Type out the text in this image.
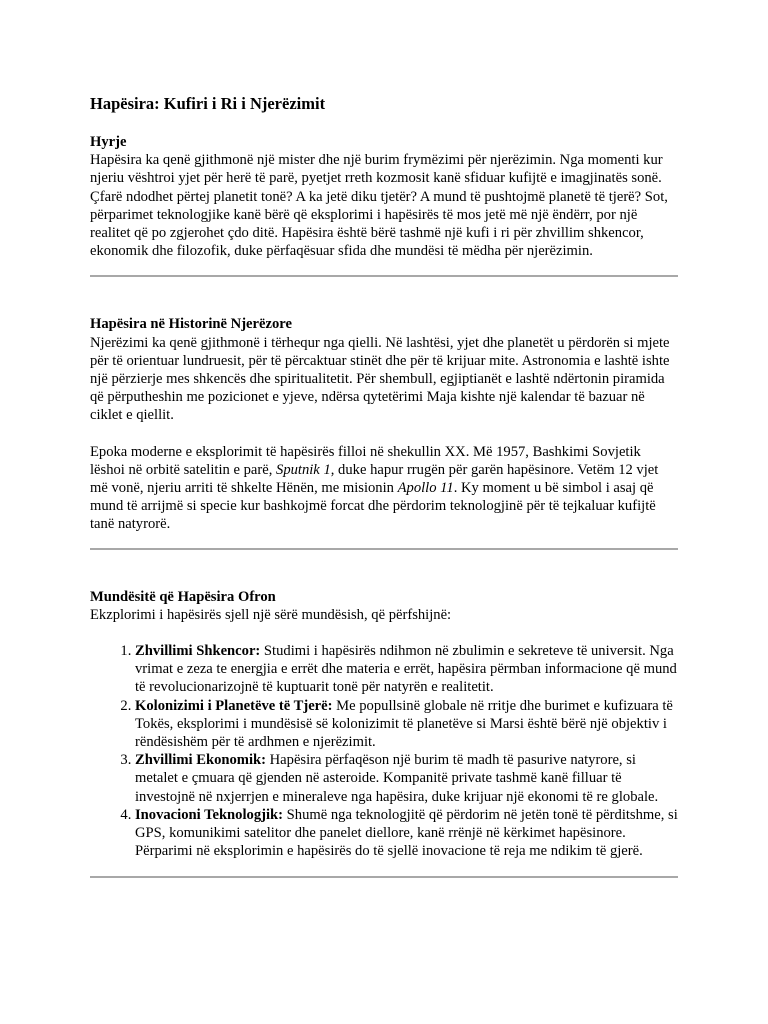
Hapësira: Kufiri i Ri i Njerëzimit
Hyrje

Hapësira ka qenë gjithmonë një mister dhe një burim frymëzimi për njerëzimin. Nga momenti kur njeriu vështroi yjet për herë të parë, pyetjet rreth kozmosit kanë sfiduar kufijtë e imagjinatës sonë. Çfarë ndodhet përtej planetit tonë? A ka jetë diku tjetër? A mund të pushtojmë planetë të tjerë? Sot, përparimet teknologjike kanë bërë që eksplorimi i hapësirës të mos jetë më një ëndërr, por një realitet që po zgjerohet çdo ditë. Hapësira është bërë tashmë një kufi i ri për zhvillim shkencor, ekonomik dhe filozofik, duke përfaqësuar sfida dhe mundësi të mëdha për njerëzimin.

Hapësira në Historinë Njerëzore

Njerëzimi ka qenë gjithmonë i tërhequr nga qielli. Në lashtësi, yjet dhe planetët u përdorën si mjete për të orientuar lundruesit, për të përcaktuar stinët dhe për të krijuar mite. Astronomia e lashtë ishte një përzierje mes shkencës dhe spiritualitetit. Për shembull, egjiptianët e lashtë ndërtonin piramida që përputheshin me pozicionet e yjeve, ndërsa qytetërimi Maja kishte një kalendar të bazuar në ciklet e qiellit.

Epoka moderne e eksplorimit të hapësirës filloi në shekullin XX. Më 1957, Bashkimi Sovjetik lëshoi në orbitë satelitin e parë, Sputnik 1, duke hapur rrugën për garën hapësinore. Vetëm 12 vjet më vonë, njeriu arriti të shkelte Hënën, me misionin Apollo 11. Ky moment u bë simbol i asaj që mund të arrijmë si specie kur bashkojmë forcat dhe përdorim teknologjinë për të tejkaluar kufijtë tanë natyrorë.

Mundësitë që Hapësira Ofron

Ekzplorimi i hapësirës sjell një sërë mundësish, që përfshijnë:

1. Zhvillimi Shkencor: Studimi i hapësirës ndihmon në zbulimin e sekreteve të universit. Nga vrimat e zeza te energjia e errët dhe materia e errët, hapësira përmban informacione që mund të revolucionarizojnë të kuptuarit tonë për natyrën e realitetit.
2. Kolonizimi i Planetëve të Tjerë: Me popullsinë globale në rritje dhe burimet e kufizuara të Tokës, eksplorimi i mundësisë së kolonizimit të planetëve si Marsi është bërë një objektiv i rëndësishëm për të ardhmen e njerëzimit.
3. Zhvillimi Ekonomik: Hapësira përfaqëson një burim të madh të pasurive natyrore, si metalet e çmuara që gjenden në asteroide. Kompanitë private tashmë kanë filluar të investojnë në nxjerrjen e mineraleve nga hapësira, duke krijuar një ekonomi të re globale.
4. Inovacioni Teknologjik: Shumë nga teknologjitë që përdorim në jetën tonë të përditshme, si GPS, komunikimi satelitor dhe panelet diellore, kanë rrënjë në kërkimet hapësinore. Përparimi në eksplorimin e hapësirës do të sjellë inovacione të reja me ndikim të gjerë.
